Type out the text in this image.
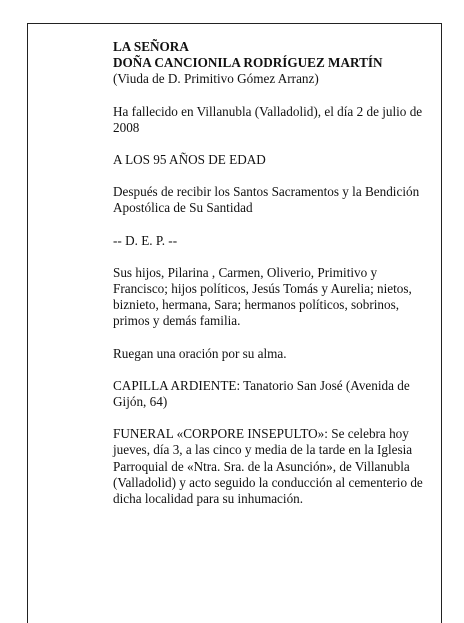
LA SEÑORA
DOÑA CANCIONILA RODRÍGUEZ MARTÍN
(Viuda de D. Primitivo Gómez Arranz)

Ha fallecido en Villanubla (Valladolid), el día 2 de julio de 2008

A LOS 95 AÑOS DE EDAD

Después de recibir los Santos Sacramentos y la Bendición Apostólica de Su Santidad

-- D. E. P. --

Sus hijos, Pilarina , Carmen, Oliverio, Primitivo y Francisco; hijos políticos, Jesús Tomás y Aurelia; nietos, biznieto, hermana, Sara; hermanos políticos, sobrinos, primos y demás familia.

Ruegan una oración por su alma.

CAPILLA ARDIENTE: Tanatorio San José (Avenida de Gijón, 64)

FUNERAL «CORPORE INSEPULTO»: Se celebra hoy jueves, día 3, a las cinco y media de la tarde en la Iglesia Parroquial de «Ntra. Sra. de la Asunción», de Villanubla (Valladolid) y acto seguido la conducción al cementerio de dicha localidad para su inhumación.
